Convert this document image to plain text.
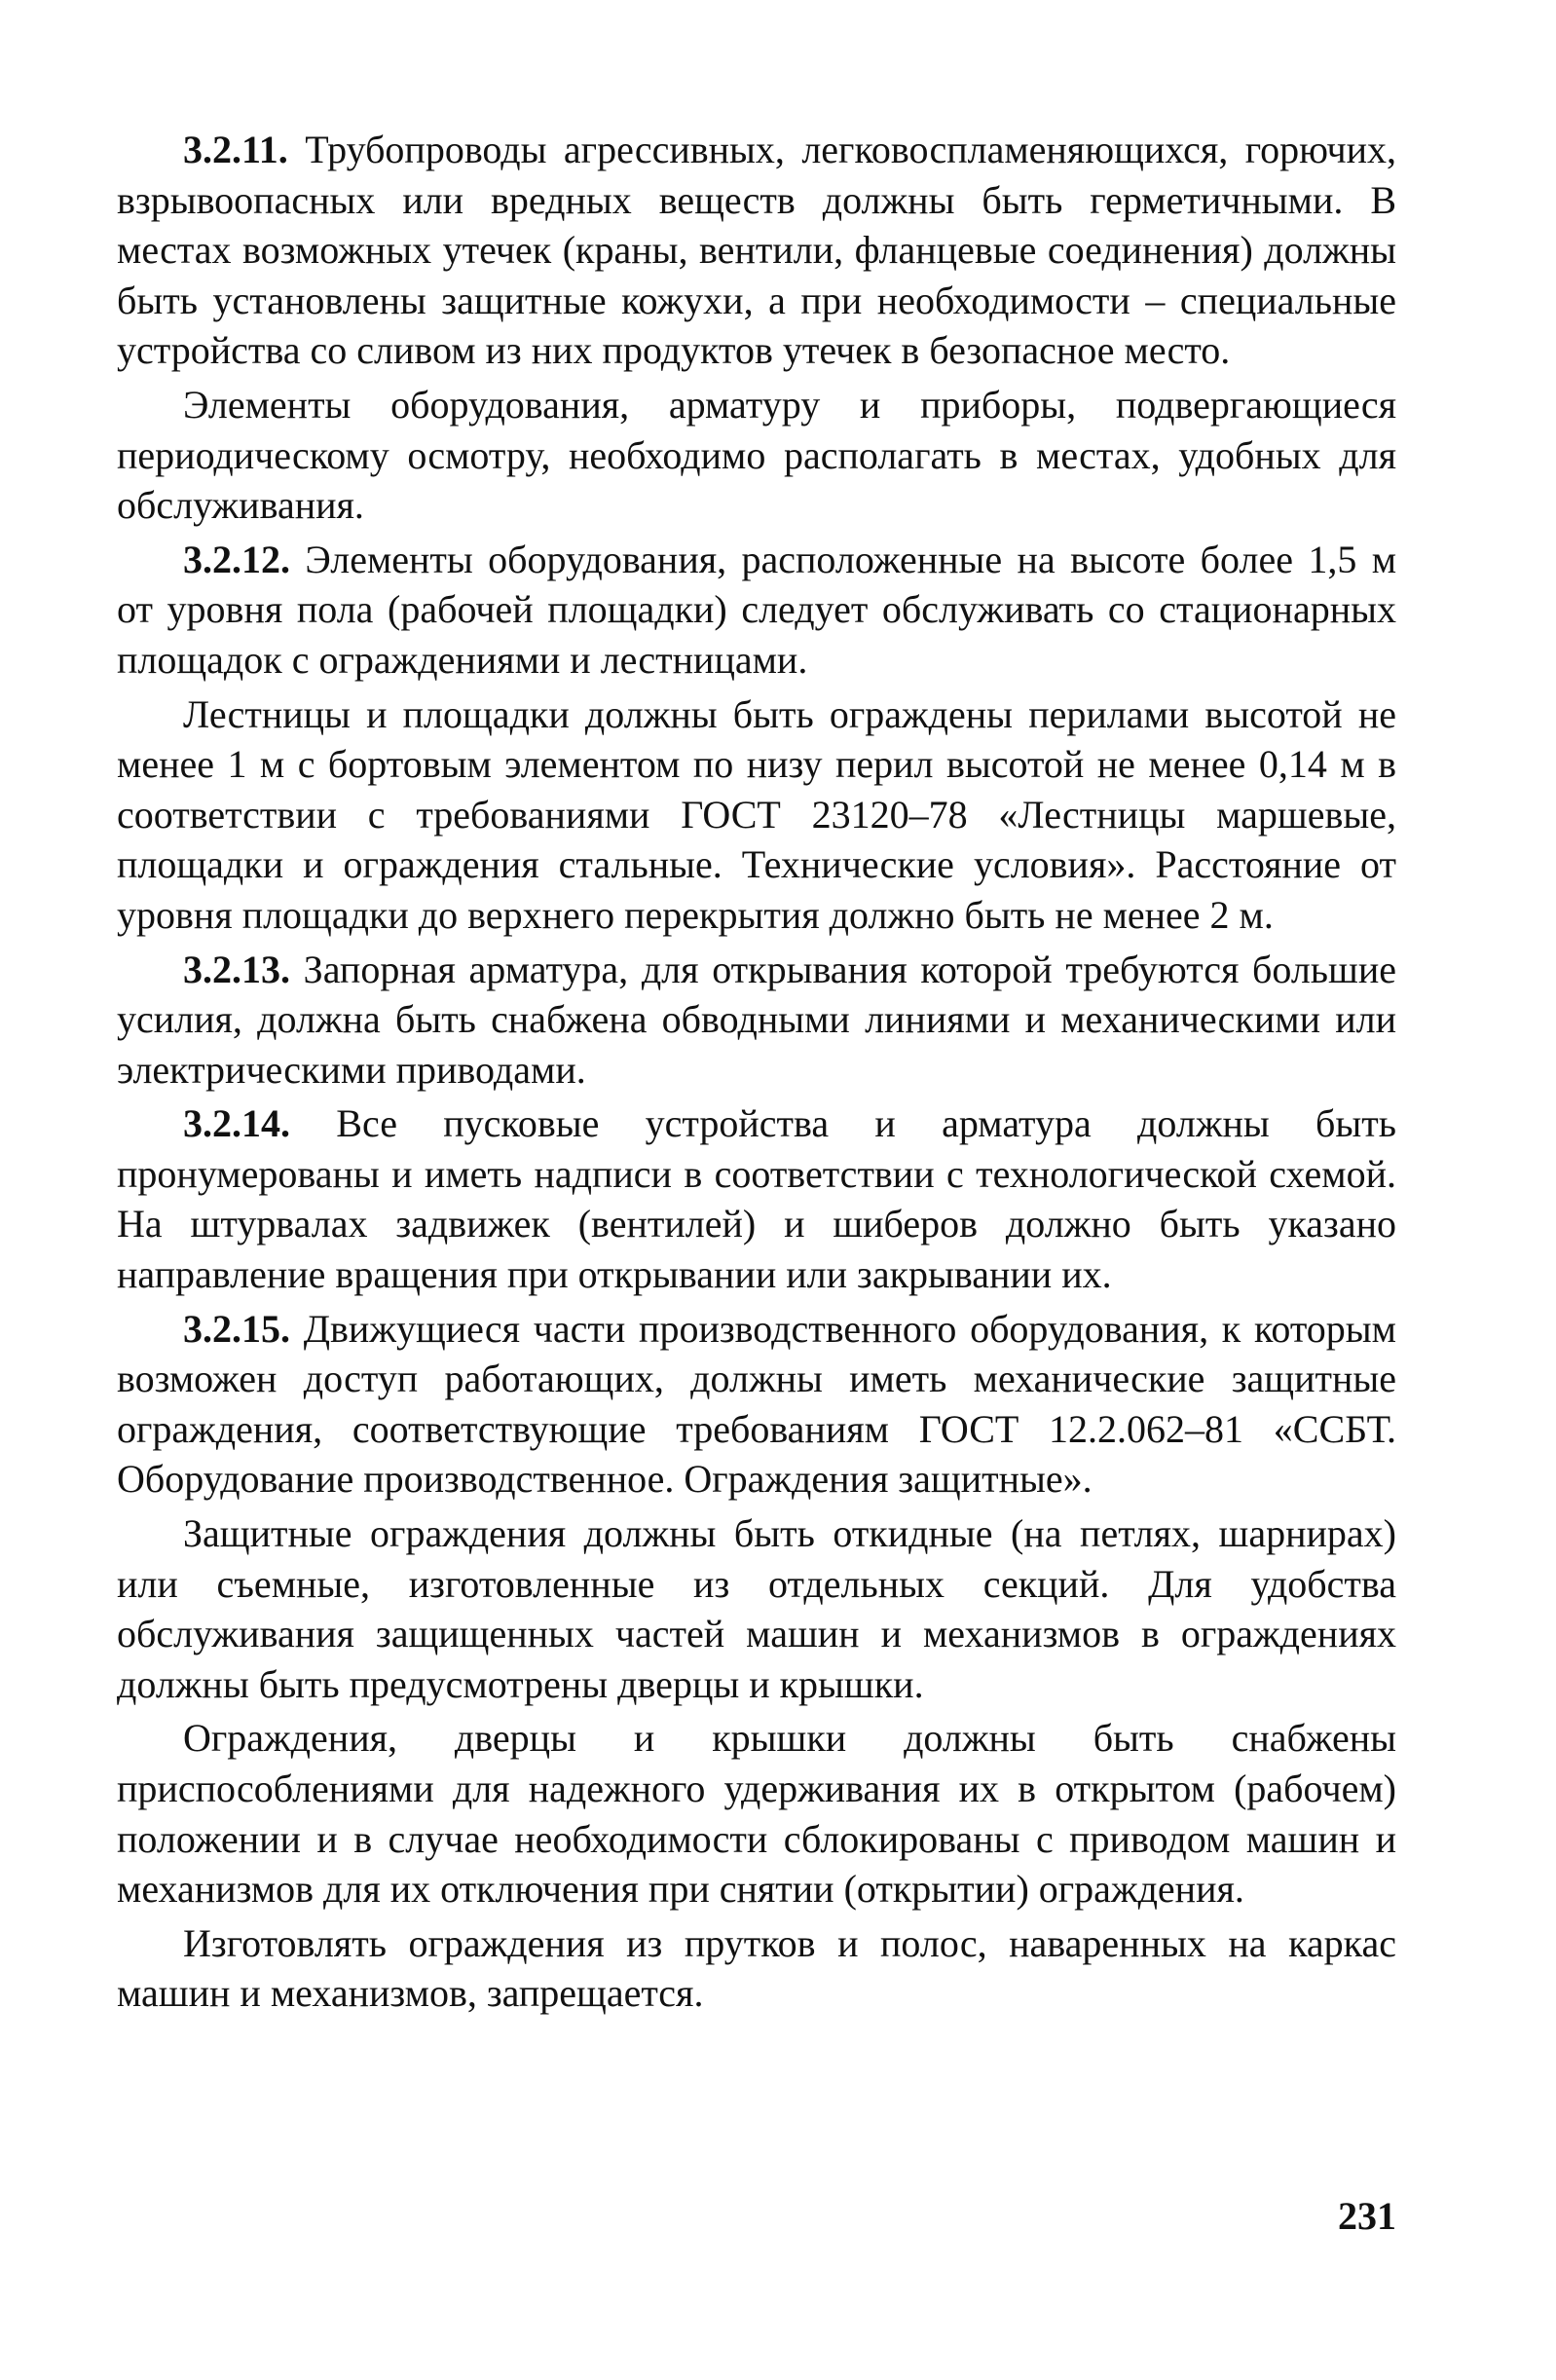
3.2.11. Трубопроводы агрессивных, легковоспламеняющихся, горючих, взрывоопасных или вредных веществ должны быть герметичными. В местах возможных утечек (краны, вентили, фланцевые соединения) должны быть установлены защитные кожухи, а при необходимости – специальные устройства со сливом из них продуктов утечек в безопасное место.

Элементы оборудования, арматуру и приборы, подвергающиеся периодическому осмотру, необходимо располагать в местах, удобных для обслуживания.

3.2.12. Элементы оборудования, расположенные на высоте более 1,5 м от уровня пола (рабочей площадки) следует обслуживать со стационарных площадок с ограждениями и лестницами.

Лестницы и площадки должны быть ограждены перилами высотой не менее 1 м с бортовым элементом по низу перил высотой не менее 0,14 м в соответствии с требованиями ГОСТ 23120–78 «Лестницы маршевые, площадки и ограждения стальные. Технические условия». Расстояние от уровня площадки до верхнего перекрытия должно быть не менее 2 м.

3.2.13. Запорная арматура, для открывания которой требуются большие усилия, должна быть снабжена обводными линиями и механическими или электрическими приводами.

3.2.14. Все пусковые устройства и арматура должны быть пронумерованы и иметь надписи в соответствии с технологической схемой. На штурвалах задвижек (вентилей) и шиберов должно быть указано направление вращения при открывании или закрывании их.

3.2.15. Движущиеся части производственного оборудования, к которым возможен доступ работающих, должны иметь механические защитные ограждения, соответствующие требованиям ГОСТ 12.2.062–81 «ССБТ. Оборудование производственное. Ограждения защитные».

Защитные ограждения должны быть откидные (на петлях, шарнирах) или съемные, изготовленные из отдельных секций. Для удобства обслуживания защищенных частей машин и механизмов в ограждениях должны быть предусмотрены дверцы и крышки.

Ограждения, дверцы и крышки должны быть снабжены приспособлениями для надежного удерживания их в открытом (рабочем) положении и в случае необходимости сблокированы с приводом машин и механизмов для их отключения при снятии (открытии) ограждения.

Изготовлять ограждения из прутков и полос, наваренных на каркас машин и механизмов, запрещается.

231
